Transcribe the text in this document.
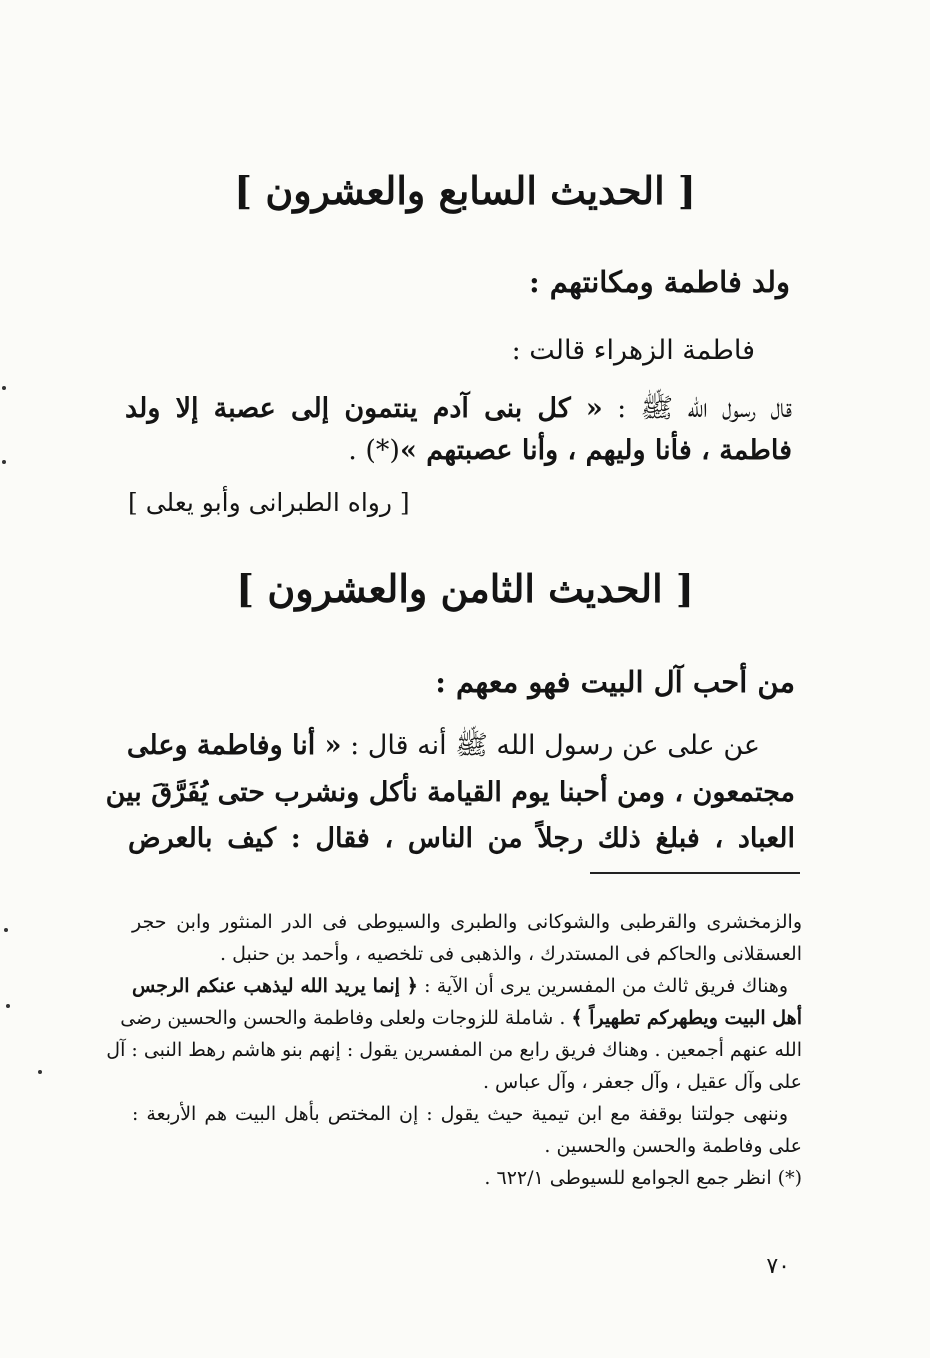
[ الحديث السابع والعشرون ]
ولد فاطمة ومكانتهم :
فاطمة الزهراء قالت :
قال رسول الله ﷺ : « كل بنى آدم ينتمون إلى عصبة إلا ولد
فاطمة ، فأنا وليهم ، وأنا عصبتهم »(*) .
[ رواه الطبرانى وأبو يعلى ]
[ الحديث الثامن والعشرون ]
من أحب آل البيت فهو معهم :
عن على عن رسول الله ﷺ أنه قال : « أنا وفاطمة وعلى
مجتمعون ، ومن أحبنا يوم القيامة نأكل ونشرب حتى يُفَرَّقَ بين
العباد ، فبلغ ذلك رجلاً من الناس ، فقال : كيف بالعرض
والزمخشرى والقرطبى والشوكانى والطبرى والسيوطى فى الدر المنثور وابن حجر
العسقلانى والحاكم فى المستدرك ، والذهبى فى تلخصيه ، وأحمد بن حنبل .
وهناك فريق ثالث من المفسرين يرى أن الآية : ﴿ إنما يريد الله ليذهب عنكم الرجس
أهل البيت ويطهركم تطهيراً ﴾ . شاملة للزوجات ولعلى وفاطمة والحسن والحسين رضى
الله عنهم أجمعين . وهناك فريق رابع من المفسرين يقول : إنهم بنو هاشم رهط النبى : آل
على وآل عقيل ، وآل جعفر ، وآل عباس .
وننهى جولتنا بوقفة مع ابن تيمية حيث يقول : إن المختص بأهل البيت هم الأربعة :
على وفاطمة والحسن والحسين .
(*) انظر جمع الجوامع للسيوطى ٦٢٢/١ .
٧٠
